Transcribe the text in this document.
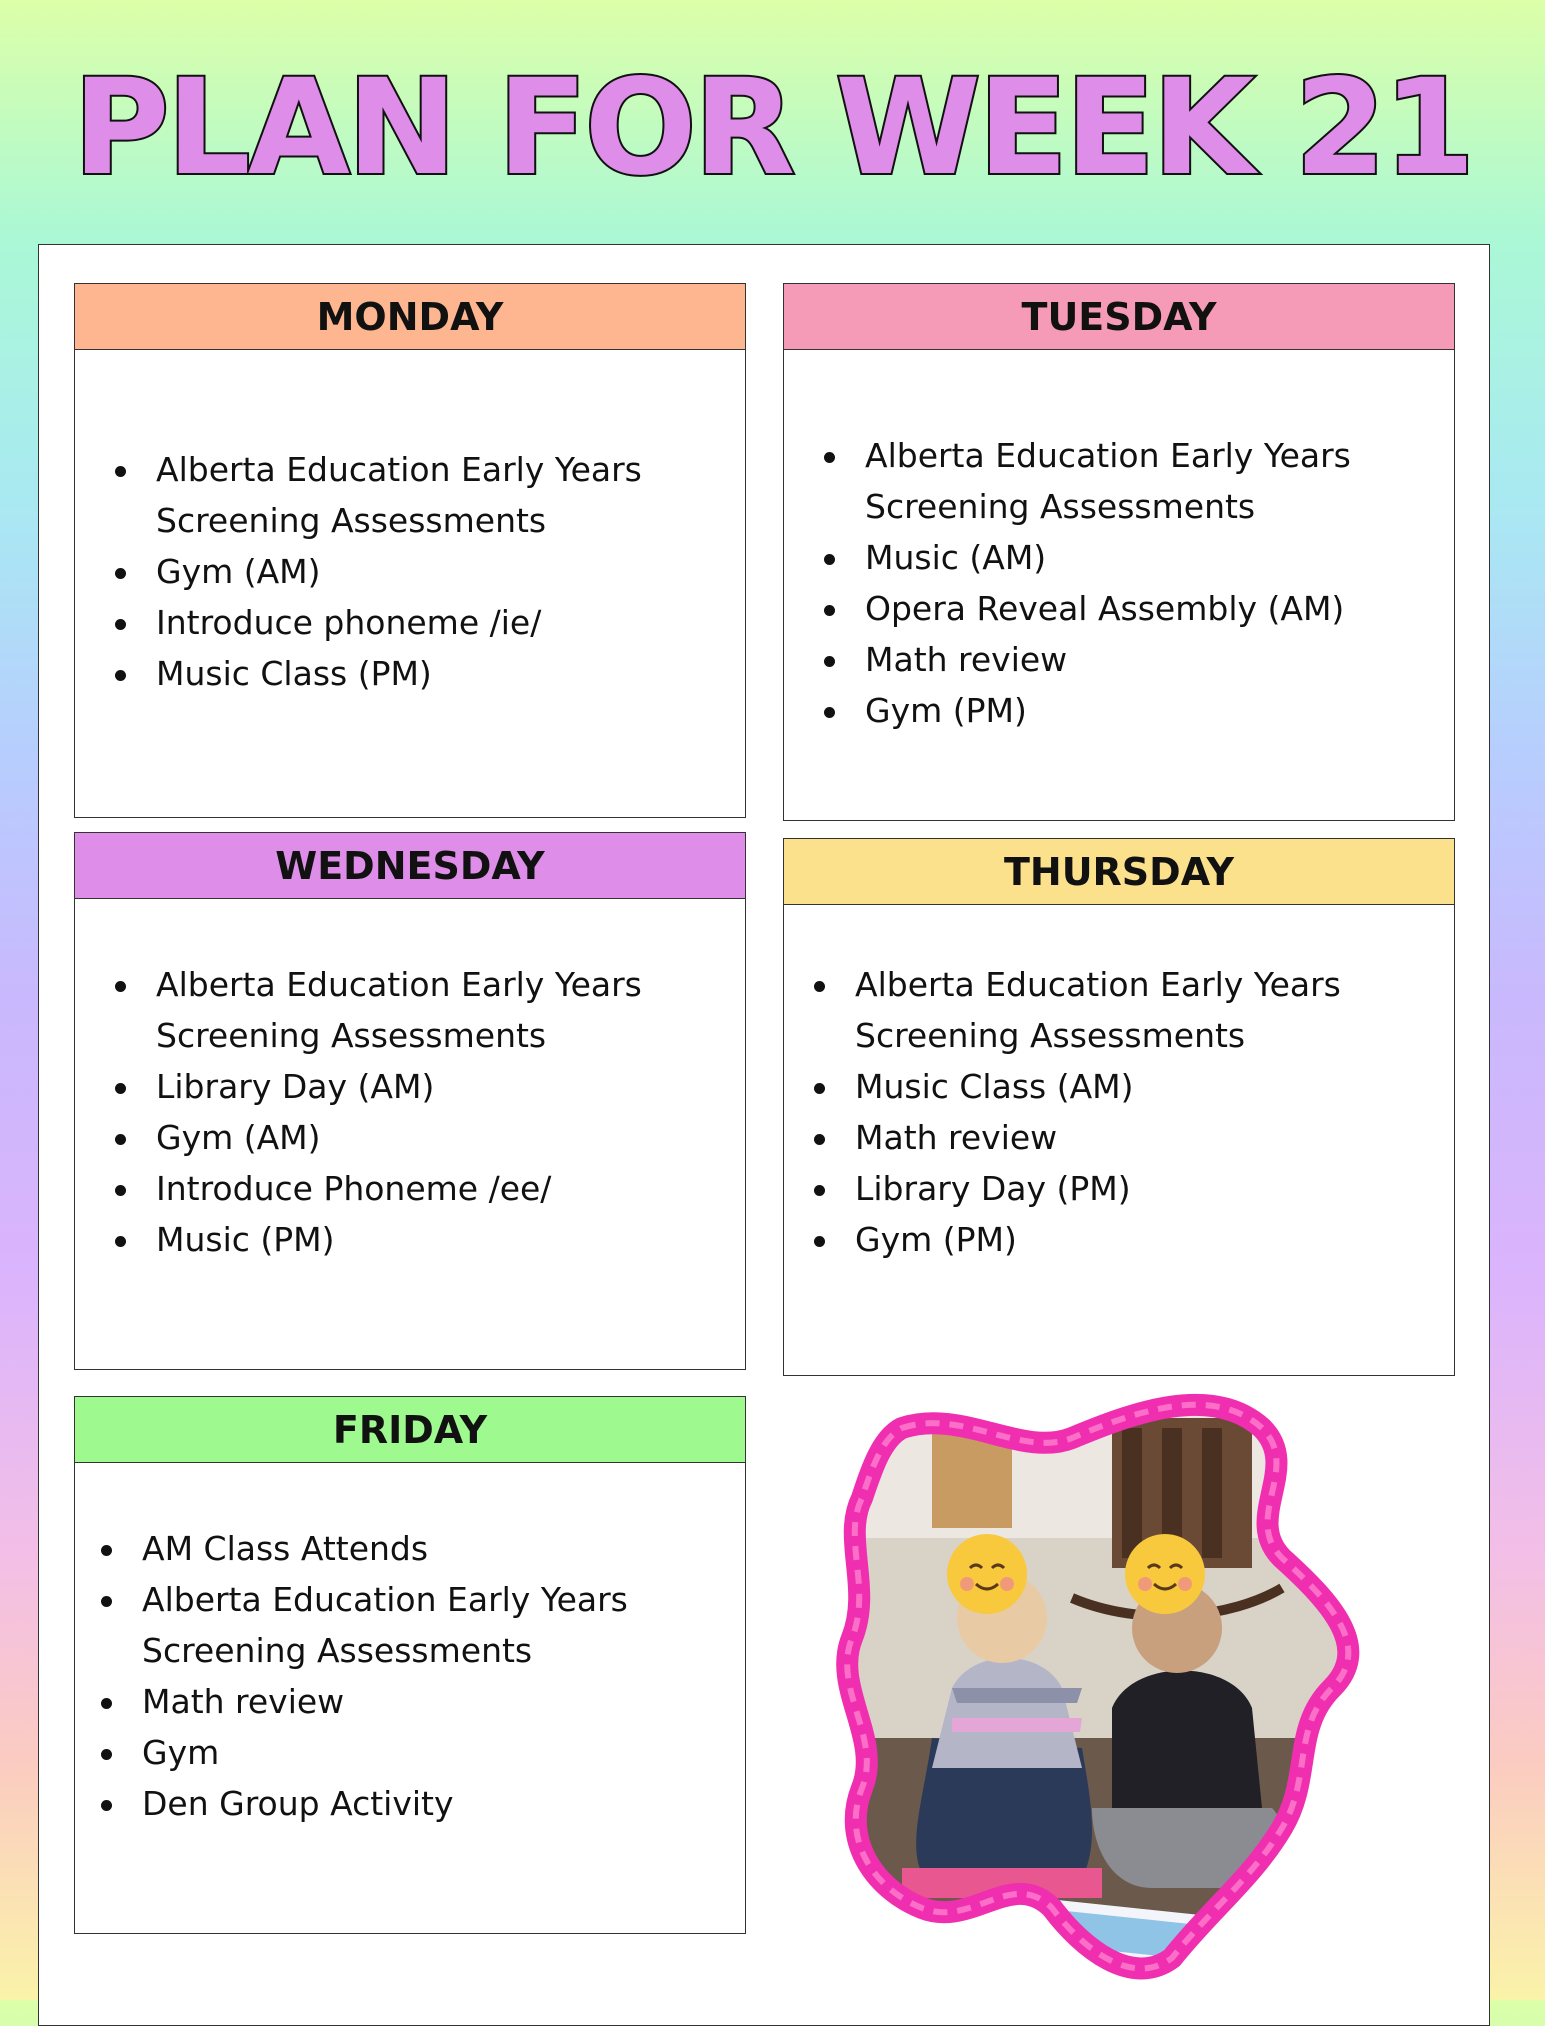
PLAN FOR WEEK 21
MONDAY
Alberta Education Early Years Screening Assessments
Gym (AM)
Introduce phoneme /ie/
Music Class (PM)
TUESDAY
Alberta Education Early Years Screening Assessments
Music (AM)
Opera Reveal Assembly (AM)
Math review
Gym (PM)
WEDNESDAY
Alberta Education Early Years Screening Assessments
Library Day (AM)
Gym (AM)
Introduce Phoneme /ee/
Music (PM)
THURSDAY
Alberta Education Early Years Screening Assessments
Music Class (AM)
Math review
Library Day (PM)
Gym (PM)
FRIDAY
AM Class Attends
Alberta Education Early Years Screening Assessments
Math review
Gym
Den Group Activity
